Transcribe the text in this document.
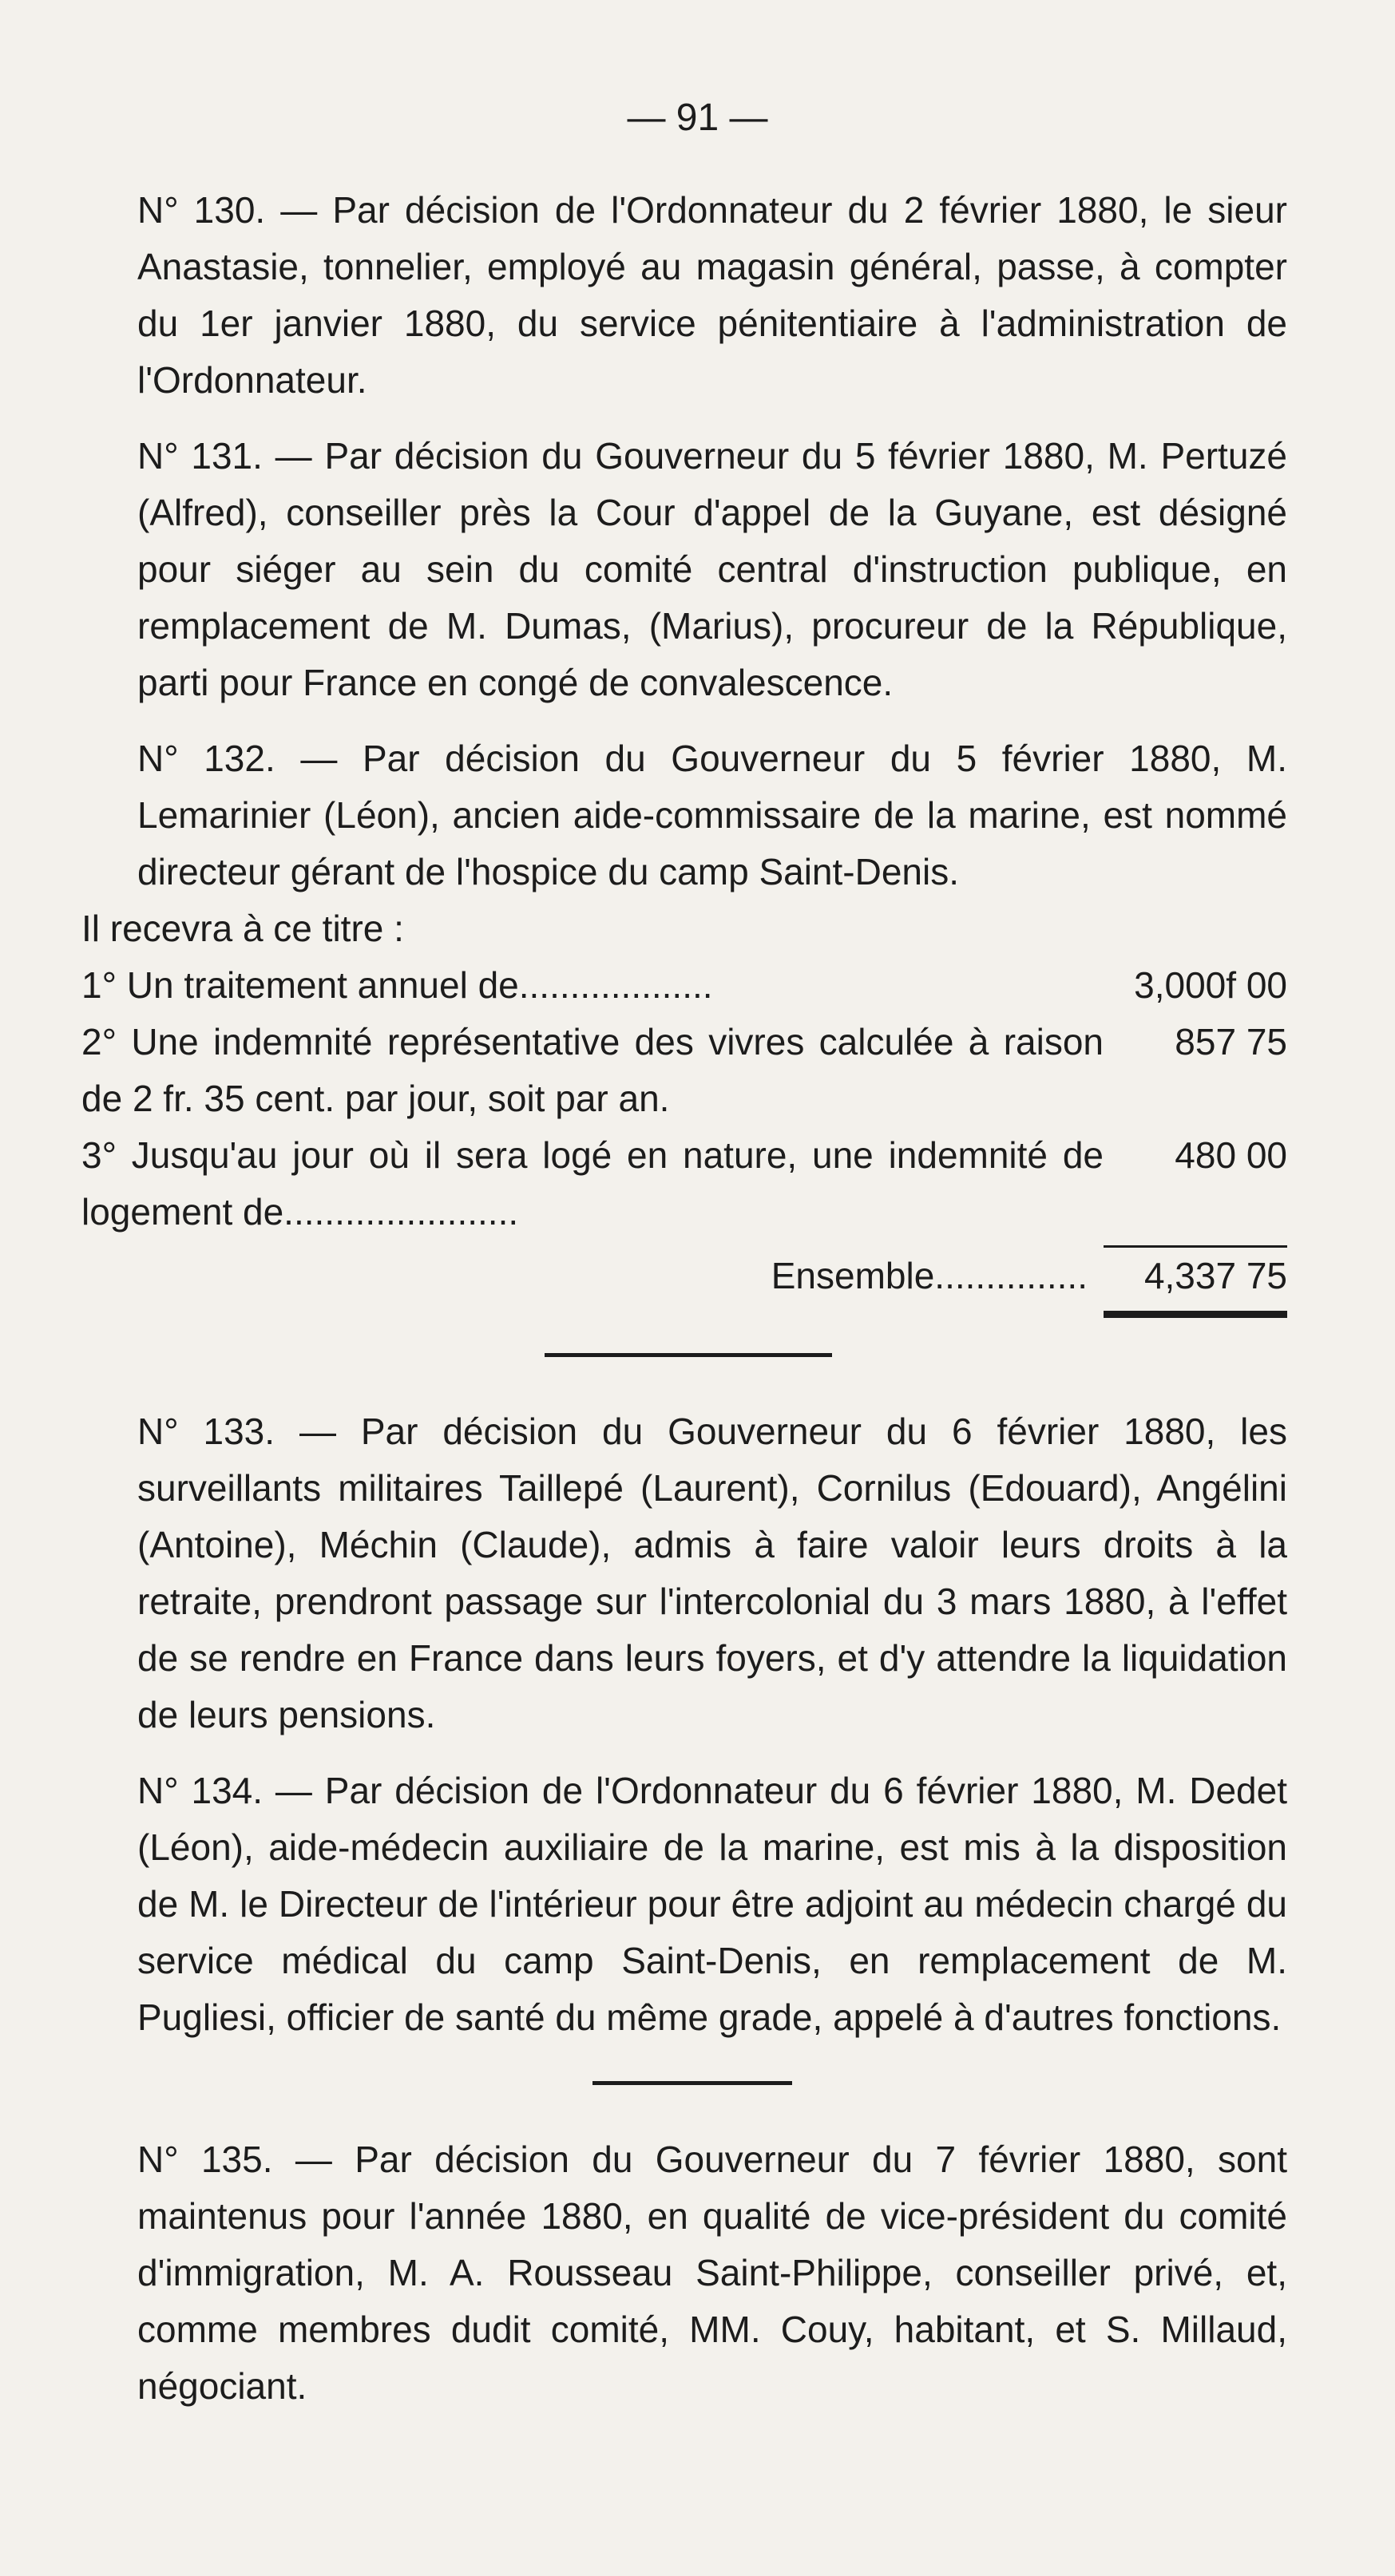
— 91 —

N° 130. — Par décision de l'Ordonnateur du 2 février 1880, le sieur Anastasie, tonnelier, employé au magasin général, passe, à compter du 1er janvier 1880, du service pénitentiaire à l'administration de l'Ordonnateur.

N° 131. — Par décision du Gouverneur du 5 février 1880, M. Pertuzé (Alfred), conseiller près la Cour d'appel de la Guyane, est désigné pour siéger au sein du comité central d'instruction publique, en remplacement de M. Dumas, (Marius), procureur de la République, parti pour France en congé de convalescence.

N° 132. — Par décision du Gouverneur du 5 février 1880, M. Lemarinier (Léon), ancien aide-commissaire de la marine, est nommé directeur gérant de l'hospice du camp Saint-Denis.

Il recevra à ce titre :

1° Un traitement annuel de...................	3,000f 00
2° Une indemnité représentative des vivres calculée à raison de 2 fr. 35 cent. par jour, soit par an.
857 75
3° Jusqu'au jour où il sera logé en nature, une indemnité de logement de.......................
480 00
Ensemble...............	4,337 75

N° 133. — Par décision du Gouverneur du 6 février 1880, les surveillants militaires Taillepé (Laurent), Cornilus (Edouard), Angélini (Antoine), Méchin (Claude), admis à faire valoir leurs droits à la retraite, prendront passage sur l'intercolonial du 3 mars 1880, à l'effet de se rendre en France dans leurs foyers, et d'y attendre la liquidation de leurs pensions.

N° 134. — Par décision de l'Ordonnateur du 6 février 1880, M. Dedet (Léon), aide-médecin auxiliaire de la marine, est mis à la disposition de M. le Directeur de l'intérieur pour être adjoint au médecin chargé du service médical du camp Saint-Denis, en remplacement de M. Pugliesi, officier de santé du même grade, appelé à d'autres fonctions.

N° 135. — Par décision du Gouverneur du 7 février 1880, sont maintenus pour l'année 1880, en qualité de vice-président du comité d'immigration, M. A. Rousseau Saint-Philippe, conseiller privé, et, comme membres dudit comité, MM. Couy, habitant, et S. Millaud, négociant.
